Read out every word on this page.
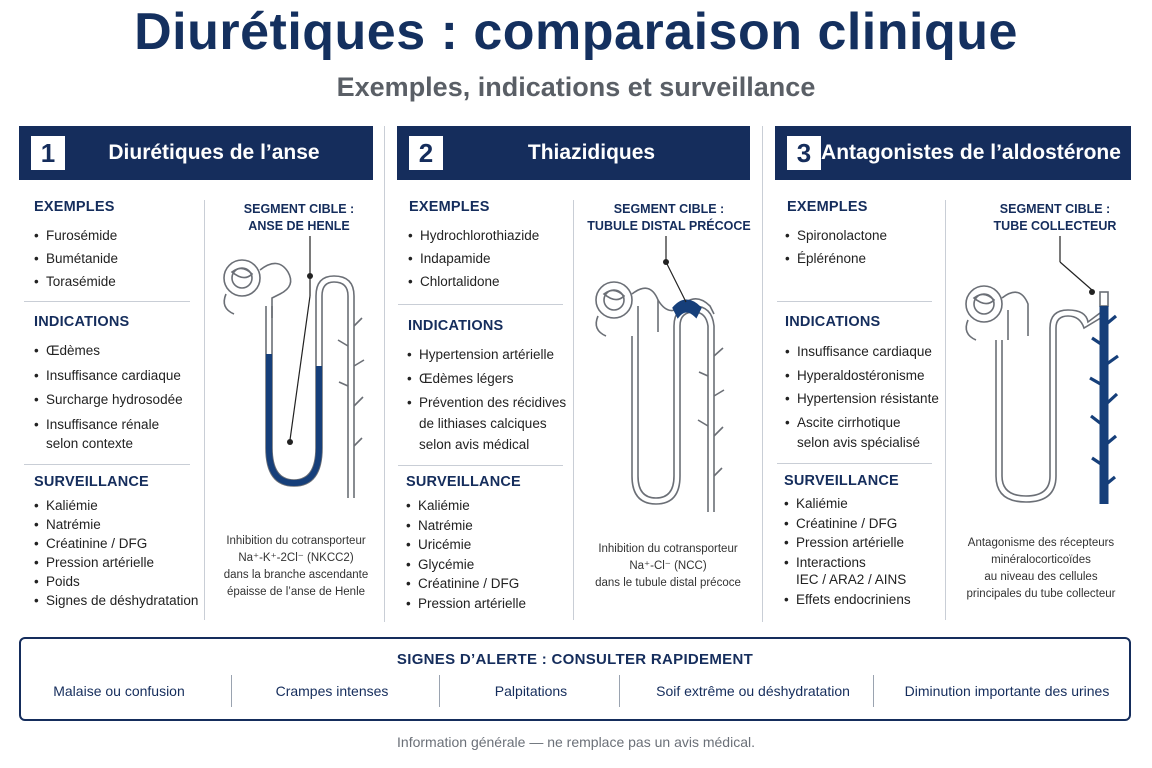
Diurétiques : comparaison clinique
Exemples, indications et surveillance
1	Diurétiques de l’anse
EXEMPLES
• Furosémide
• Bumétanide
• Torasémide
INDICATIONS
• Œdèmes
• Insuffisance cardiaque
• Surcharge hydrosodée
• Insuffisance rénale
selon contexte
SURVEILLANCE
• Kaliémie
• Natrémie
• Créatinine / DFG
• Pression artérielle
• Poids
• Signes de déshydratation
SEGMENT CIBLE :
ANSE DE HENLE
Inhibition du cotransporteur
Na⁺-K⁺-2Cl⁻ (NKCC2)
dans la branche ascendante
épaisse de l’anse de Henle
2	Thiazidiques
EXEMPLES
• Hydrochlorothiazide
• Indapamide
• Chlortalidone
INDICATIONS
• Hypertension artérielle
• Œdèmes légers
• Prévention des récidives
de lithiases calciques
selon avis médical
SURVEILLANCE
• Kaliémie
• Natrémie
• Uricémie
• Glycémie
• Créatinine / DFG
• Pression artérielle
SEGMENT CIBLE :
TUBULE DISTAL PRÉCOCE
Inhibition du cotransporteur
Na⁺-Cl⁻ (NCC)
dans le tubule distal précoce
3 Antagonistes de l’aldostérone
EXEMPLES
• Spironolactone
• Éplérénone
INDICATIONS
• Insuffisance cardiaque
• Hyperaldostéronisme
• Hypertension résistante
• Ascite cirrhotique
selon avis spécialisé
SURVEILLANCE
• Kaliémie
• Créatinine / DFG
• Pression artérielle
• Interactions
IEC / ARA2 / AINS
• Effets endocriniens
SEGMENT CIBLE :
TUBE COLLECTEUR
Antagonisme des récepteurs
minéralocorticoïdes
au niveau des cellules
principales du tube collecteur
SIGNES D’ALERTE : CONSULTER RAPIDEMENT
Malaise ou confusion	Crampes intenses	Palpitations	Soif extrême ou déshydratation	Diminution importante des urines
Information générale — ne remplace pas un avis médical.
